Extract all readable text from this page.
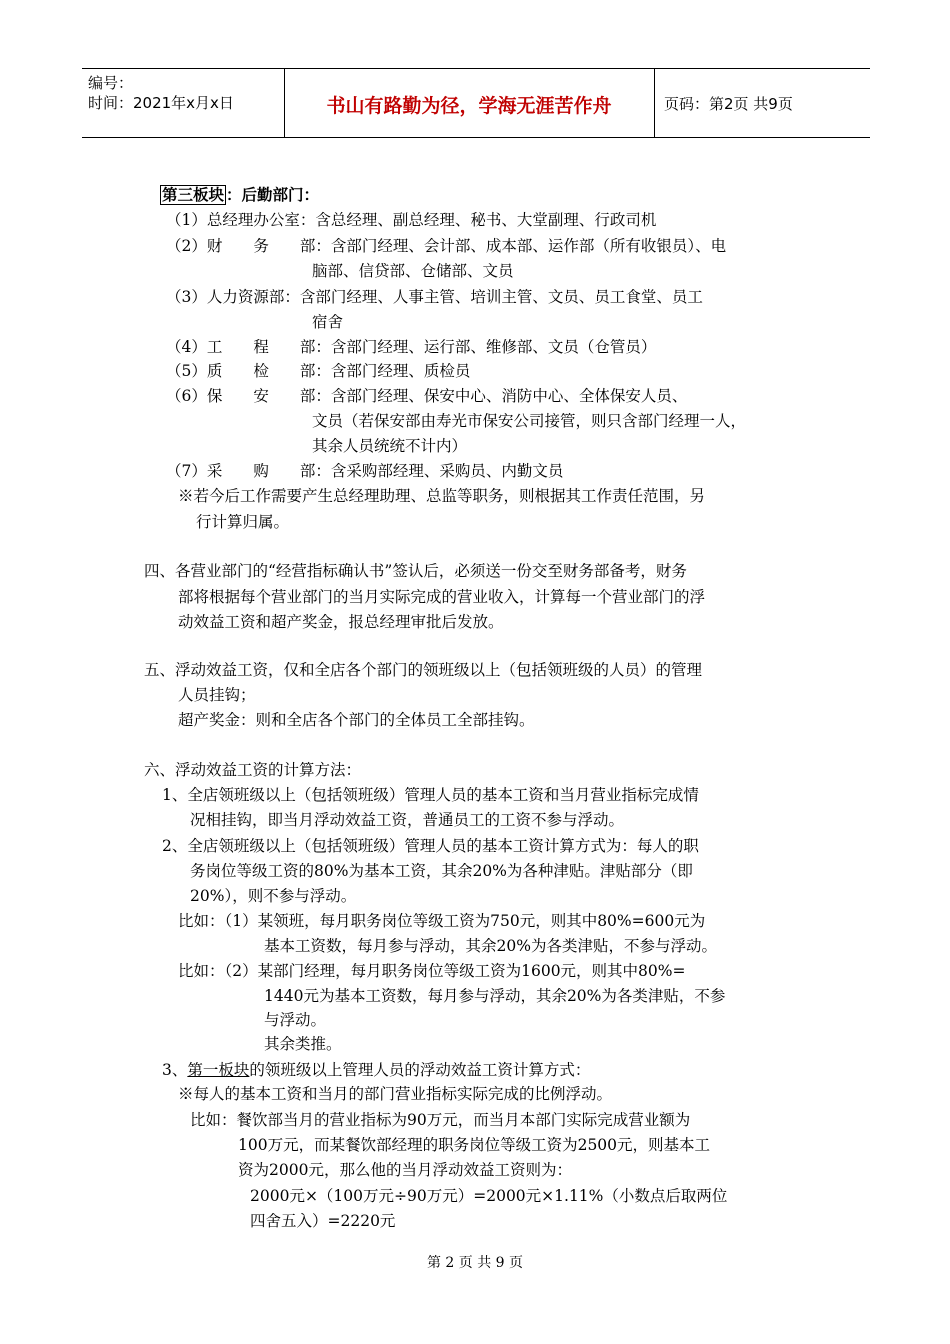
编号：
时间：2021年x月x日	书山有路勤为径，学海无涯苦作舟	页码：第2页 共9页
第三板块 ：后勤部门：
（1）总经理办公室：含总经理、副总经理、秘书、大堂副理、行政司机
（2）财　　务　　部：含部门经理、会计部、成本部、运作部（所有收银员）、电
脑部、信贷部、仓储部、文员
（3）人力资源部：含部门经理、人事主管、培训主管、文员、员工食堂、员工
宿舍
（4）工　　程　　部：含部门经理、运行部、维修部、文员（仓管员）
（5）质　　检　　部：含部门经理、质检员
（6）保　　安　　部：含部门经理、保安中心、消防中心、全体保安人员、
文员（若保安部由寿光市保安公司接管，则只含部门经理一人，
其余人员统统不计内）
（7）采　　购　　部：含采购部经理、采购员、内勤文员
※若今后工作需要产生总经理助理、总监等职务，则根据其工作责任范围，另
行计算归属。
四、各营业部门的“经营指标确认书”签认后，必须送一份交至财务部备考，财务
部将根据每个营业部门的当月实际完成的营业收入，计算每一个营业部门的浮
动效益工资和超产奖金，报总经理审批后发放。
五、浮动效益工资，仅和全店各个部门的领班级以上（包括领班级的人员）的管理
人员挂钩；
超产奖金：则和全店各个部门的全体员工全部挂钩。
六、浮动效益工资的计算方法：
1、全店领班级以上（包括领班级）管理人员的基本工资和当月营业指标完成情
况相挂钩，即当月浮动效益工资，普通员工的工资不参与浮动。
2、全店领班级以上（包括领班级）管理人员的基本工资计算方式为：每人的职
务岗位等级工资的80%为基本工资，其余20%为各种津贴。津贴部分（即
20%），则不参与浮动。
比如：（1）某领班，每月职务岗位等级工资为750元，则其中80%=600元为
基本工资数，每月参与浮动，其余20%为各类津贴，不参与浮动。
比如：（2）某部门经理，每月职务岗位等级工资为1600元，则其中80%=
1440元为基本工资数，每月参与浮动，其余20%为各类津贴，不参
与浮动。
其余类推。
3、第一板块的领班级以上管理人员的浮动效益工资计算方式：
※每人的基本工资和当月的部门营业指标实际完成的比例浮动。
比如：餐饮部当月的营业指标为90万元，而当月本部门实际完成营业额为
100万元，而某餐饮部经理的职务岗位等级工资为2500元，则基本工
资为2000元，那么他的当月浮动效益工资则为：
2000元×（100万元÷90万元）=2000元×1.11%（小数点后取两位
四舍五入）=2220元
第 2 页 共 9 页
